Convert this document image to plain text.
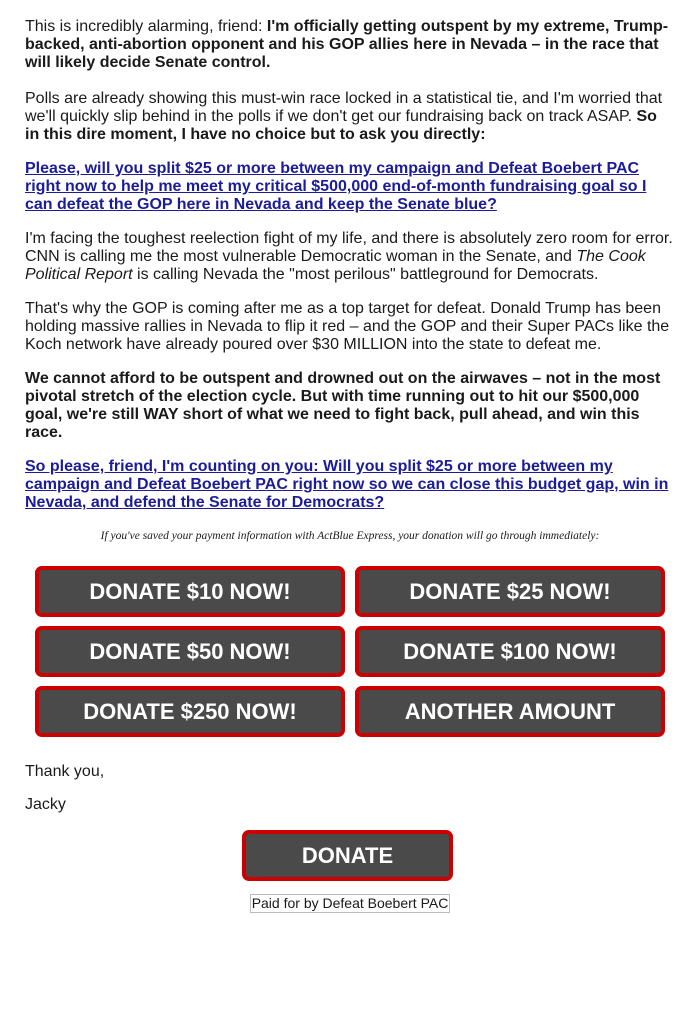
This is incredibly alarming, friend: I'm officially getting outspent by my extreme, Trump-backed, anti-abortion opponent and his GOP allies here in Nevada – in the race that will likely decide Senate control.

Polls are already showing this must-win race locked in a statistical tie, and I'm worried that we'll quickly slip behind in the polls if we don't get our fundraising back on track ASAP. So in this dire moment, I have no choice but to ask you directly:

Please, will you split $25 or more between my campaign and Defeat Boebert PAC right now to help me meet my critical $500,000 end-of-month fundraising goal so I can defeat the GOP here in Nevada and keep the Senate blue?

I'm facing the toughest reelection fight of my life, and there is absolutely zero room for error. CNN is calling me the most vulnerable Democratic woman in the Senate, and The Cook Political Report is calling Nevada the "most perilous" battleground for Democrats.

That's why the GOP is coming after me as a top target for defeat. Donald Trump has been holding massive rallies in Nevada to flip it red – and the GOP and their Super PACs like the Koch network have already poured over $30 MILLION into the state to defeat me.

We cannot afford to be outspent and drowned out on the airwaves – not in the most pivotal stretch of the election cycle. But with time running out to hit our $500,000 goal, we're still WAY short of what we need to fight back, pull ahead, and win this race.

So please, friend, I'm counting on you: Will you split $25 or more between my campaign and Defeat Boebert PAC right now so we can close this budget gap, win in Nevada, and defend the Senate for Democrats?

If you've saved your payment information with ActBlue Express, your donation will go through immediately:
DONATE $10 NOW!	DONATE $25 NOW!
DONATE $50 NOW!	DONATE $100 NOW!
DONATE $250 NOW!	ANOTHER AMOUNT
Thank you,
Jacky
DONATE
Paid for by Defeat Boebert PAC
